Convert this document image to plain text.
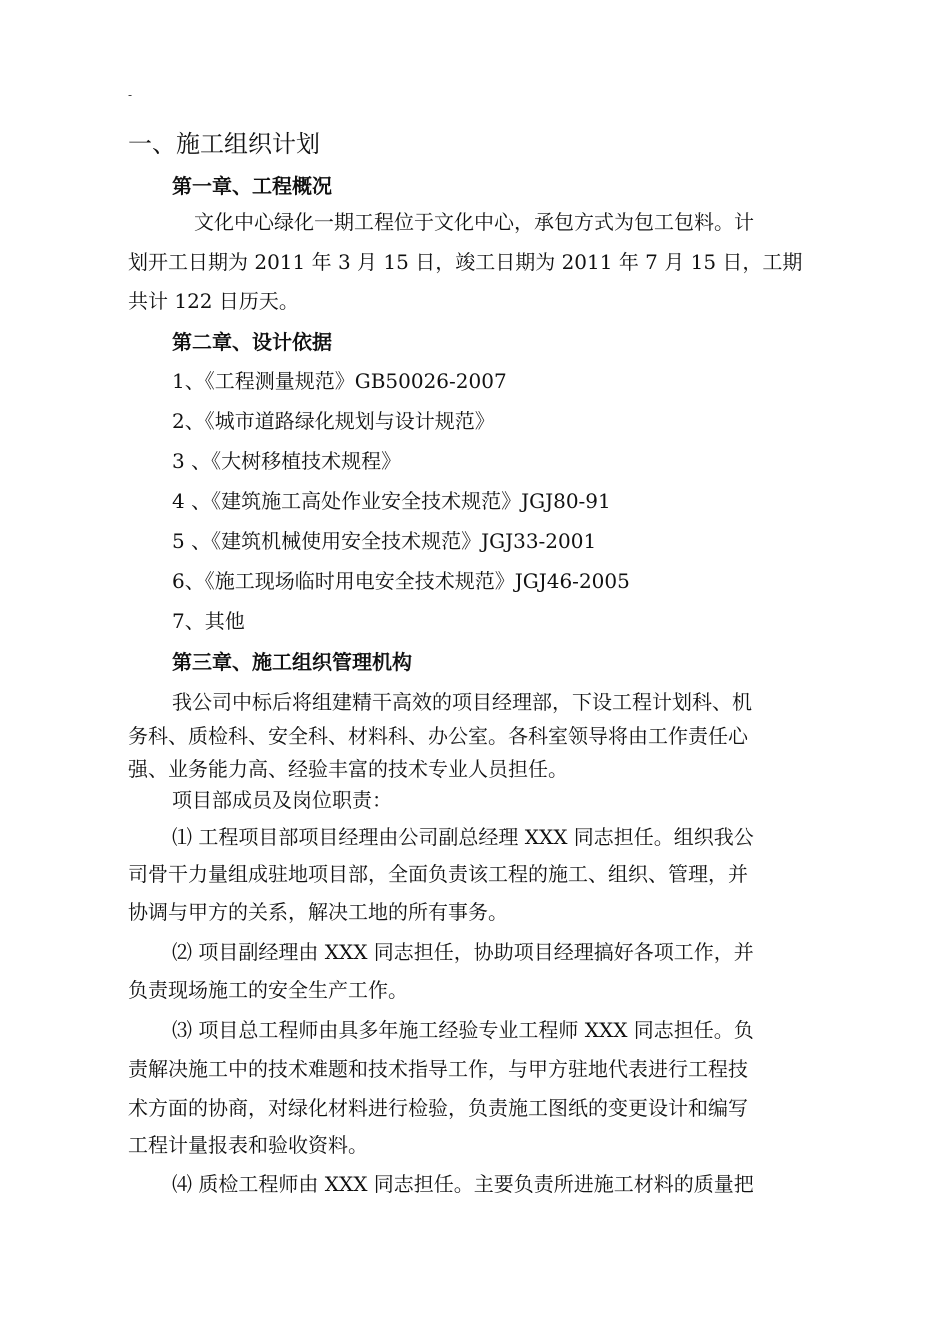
-
一、施工组织计划
第一章、工程概况
文化中心绿化一期工程位于文化中心，承包方式为包工包料。计
划开工日期为 2011 年 3 月 15 日，竣工日期为 2011 年 7 月 15 日，工期
共计 122 日历天。
第二章、设计依据
1、《工程测量规范》GB50026-2007
2、《城市道路绿化规划与设计规范》
3 、《大树移植技术规程》
4 、《建筑施工高处作业安全技术规范》JGJ80-91
5 、《建筑机械使用安全技术规范》JGJ33-2001
6、《施工现场临时用电安全技术规范》JGJ46-2005
7、其他
第三章、施工组织管理机构
我公司中标后将组建精干高效的项目经理部，下设工程计划科、机
务科、质检科、安全科、材料科、办公室。各科室领导将由工作责任心
强、业务能力高、经验丰富的技术专业人员担任。
项目部成员及岗位职责：
⑴ 工程项目部项目经理由公司副总经理 XXX 同志担任。组织我公
司骨干力量组成驻地项目部，全面负责该工程的施工、组织、管理，并
协调与甲方的关系，解决工地的所有事务。
⑵ 项目副经理由 XXX 同志担任，协助项目经理搞好各项工作，并
负责现场施工的安全生产工作。
⑶ 项目总工程师由具多年施工经验专业工程师 XXX 同志担任。负
责解决施工中的技术难题和技术指导工作，与甲方驻地代表进行工程技
术方面的协商，对绿化材料进行检验，负责施工图纸的变更设计和编写
工程计量报表和验收资料。
⑷ 质检工程师由 XXX 同志担任。主要负责所进施工材料的质量把
